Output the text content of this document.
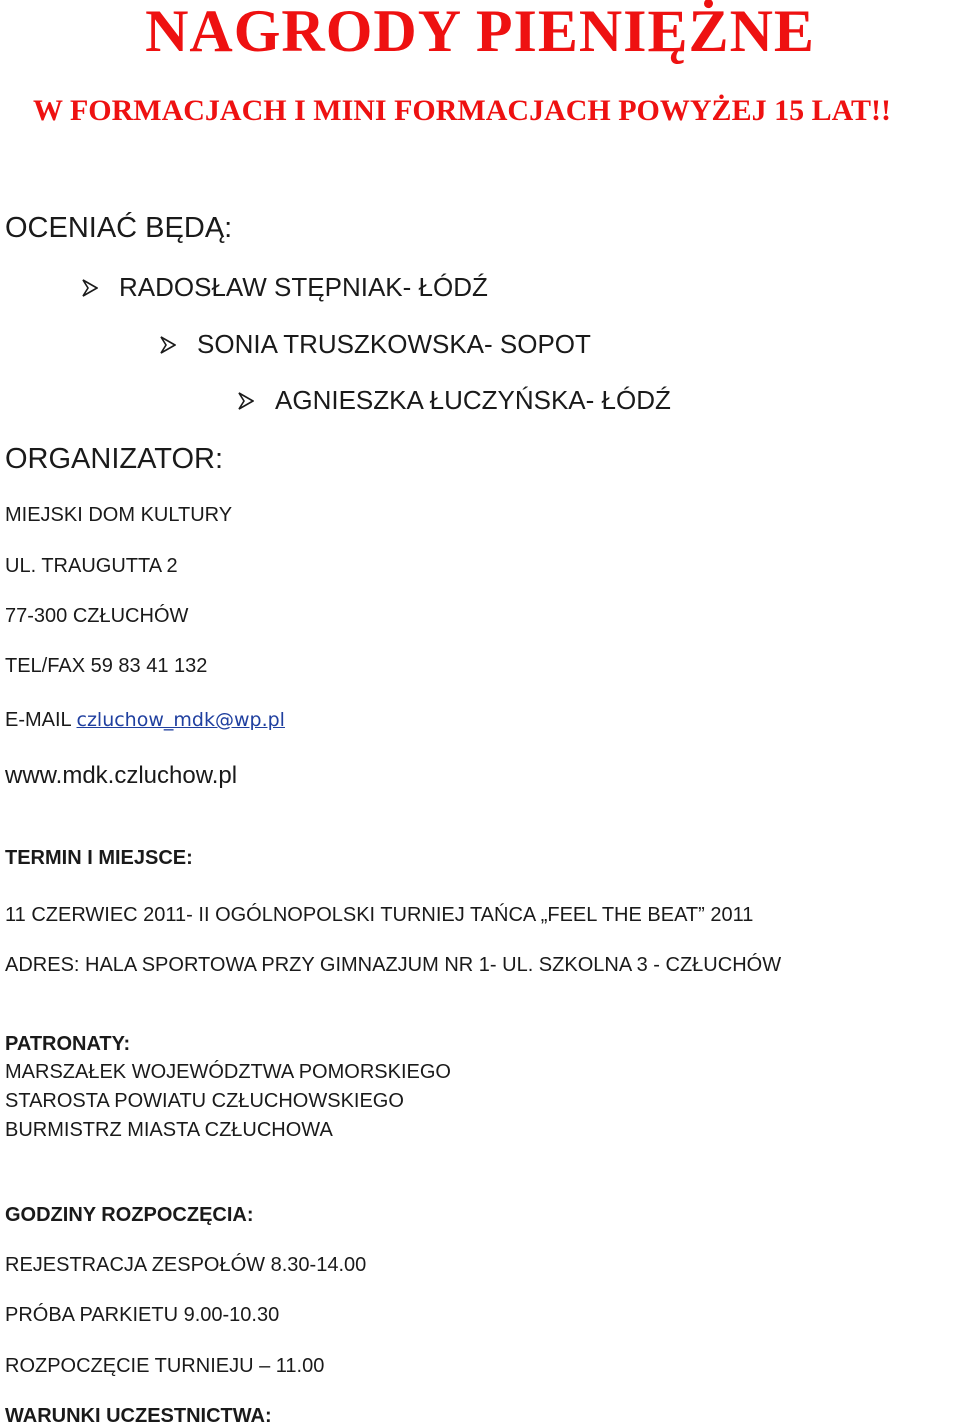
NAGRODY PIENIĘŻNE
W FORMACJACH I MINI FORMACJACH POWYŻEJ 15 LAT!!
OCENIAĆ BĘDĄ:
RADOSŁAW STĘPNIAK- ŁÓDŹ
SONIA TRUSZKOWSKA- SOPOT
AGNIESZKA ŁUCZYŃSKA- ŁÓDŹ
ORGANIZATOR:
MIEJSKI DOM KULTURY
UL. TRAUGUTTA 2
77-300 CZŁUCHÓW
TEL/FAX 59 83 41 132
E-MAIL czluchow_mdk@wp.pl
www.mdk.czluchow.pl
TERMIN I MIEJSCE:
11 CZERWIEC 2011- II OGÓLNOPOLSKI TURNIEJ TAŃCA „FEEL THE BEAT” 2011
ADRES: HALA SPORTOWA PRZY GIMNAZJUM NR 1- UL. SZKOLNA 3 - CZŁUCHÓW
PATRONATY:
MARSZAŁEK WOJEWÓDZTWA POMORSKIEGO
STAROSTA POWIATU CZŁUCHOWSKIEGO
BURMISTRZ MIASTA CZŁUCHOWA
GODZINY ROZPOCZĘCIA:
REJESTRACJA ZESPOŁÓW 8.30-14.00
PRÓBA PARKIETU 9.00-10.30
ROZPOCZĘCIE TURNIEJU – 11.00
WARUNKI UCZESTNICTWA:
